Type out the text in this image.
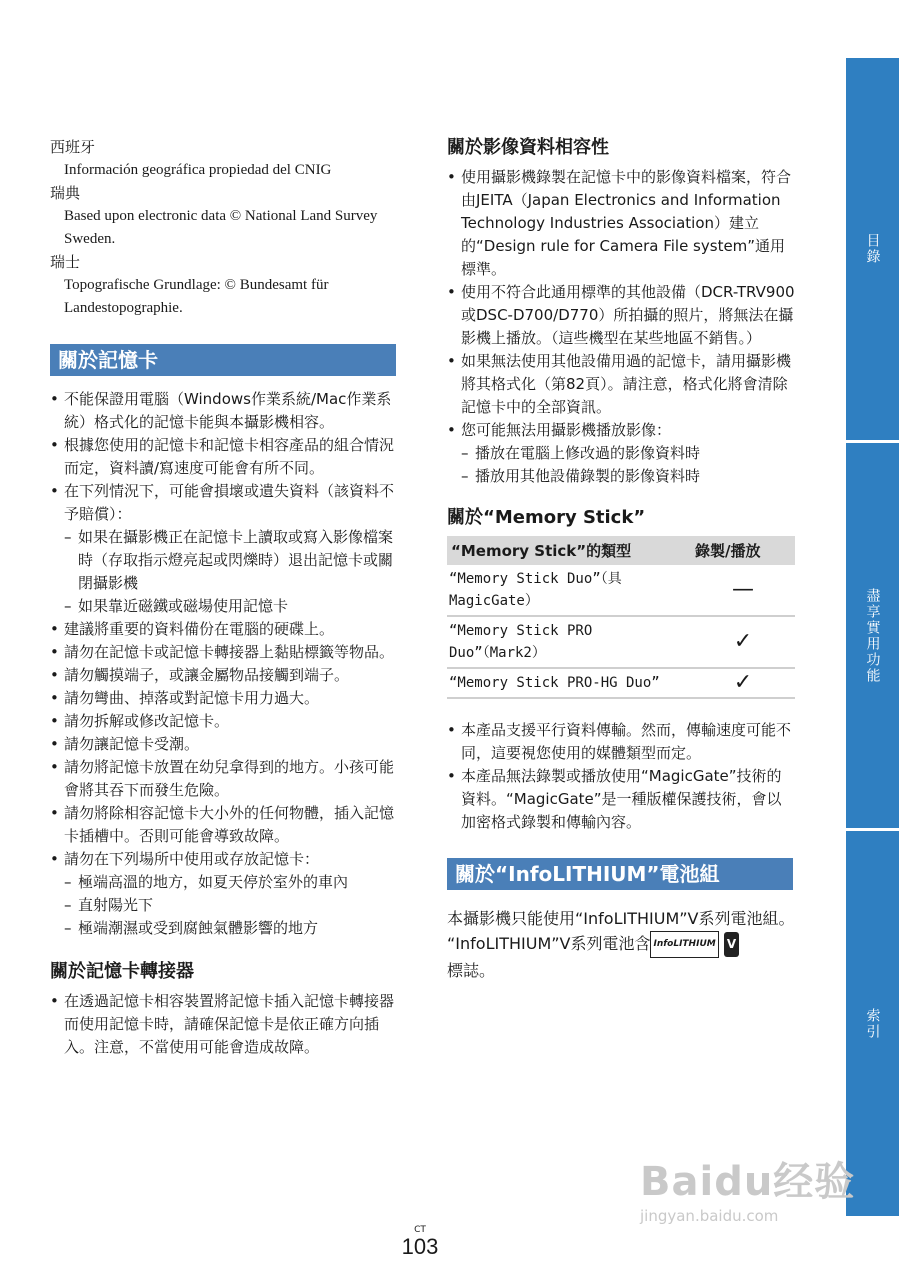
西班牙

Información geográfica propiedad del CNIG

瑞典

Based upon electronic data © National Land Survey Sweden.

瑞士

Topografische Grundlage: © Bundesamt für Landestopographie.

關於記憶卡
• 不能保證用電腦（Windows作業系統/Mac作業系統）格式化的記憶卡能與本攝影機相容。
• 根據您使用的記憶卡和記憶卡相容產品的組合情況而定，資料讀/寫速度可能會有所不同。
• 在下列情況下，可能會損壞或遺失資料（該資料不予賠償）：
– 如果在攝影機正在記憶卡上讀取或寫入影像檔案時（存取指示燈亮起或閃爍時）退出記憶卡或關閉攝影機
– 如果靠近磁鐵或磁場使用記憶卡
• 建議將重要的資料備份在電腦的硬碟上。
• 請勿在記憶卡或記憶卡轉接器上黏貼標籤等物品。
• 請勿觸摸端子，或讓金屬物品接觸到端子。
• 請勿彎曲、掉落或對記憶卡用力過大。
• 請勿拆解或修改記憶卡。
• 請勿讓記憶卡受潮。
• 請勿將記憶卡放置在幼兒拿得到的地方。小孩可能會將其吞下而發生危險。
• 請勿將除相容記憶卡大小外的任何物體，插入記憶卡插槽中。否則可能會導致故障。
• 請勿在下列場所中使用或存放記憶卡：
– 極端高溫的地方，如夏天停於室外的車內
– 直射陽光下
– 極端潮濕或受到腐蝕氣體影響的地方
關於記憶卡轉接器
• 在透過記憶卡相容裝置將記憶卡插入記憶卡轉接器而使用記憶卡時，請確保記憶卡是依正確方向插入。注意，不當使用可能會造成故障。
關於影像資料相容性
• 使用攝影機錄製在記憶卡中的影像資料檔案，符合由JEITA（Japan Electronics and Information Technology Industries Association）建立的“Design rule for Camera File system”通用標準。
• 使用不符合此通用標準的其他設備（DCR-TRV900或DSC-D700/D770）所拍攝的照片，將無法在攝影機上播放。（這些機型在某些地區不銷售。）
• 如果無法使用其他設備用過的記憶卡，請用攝影機將其格式化（第82頁）。請注意，格式化將會清除記憶卡中的全部資訊。
• 您可能無法用攝影機播放影像：
– 播放在電腦上修改過的影像資料時
– 播放用其他設備錄製的影像資料時
關於“Memory Stick”
“Memory Stick”的類型	錄製/播放
“Memory Stick Duo”（具MagicGate）	—
“Memory Stick PRO Duo”（Mark2）	✓
“Memory Stick PRO-HG Duo”	✓
• 本產品支援平行資料傳輸。然而，傳輸速度可能不同，這要視您使用的媒體類型而定。
• 本產品無法錄製或播放使用“MagicGate”技術的資料。“MagicGate”是一種版權保護技術，會以加密格式錄製和傳輸內容。
關於“InfoLITHIUM”電池組

本攝影機只能使用“InfoLITHIUM”V系列電池組。

“InfoLITHIUM”V系列電池含 InfoLITHIUM V
標誌。

目錄
盡享實用功能
索引
CT
103
Baidu经验
jingyan.baidu.com
